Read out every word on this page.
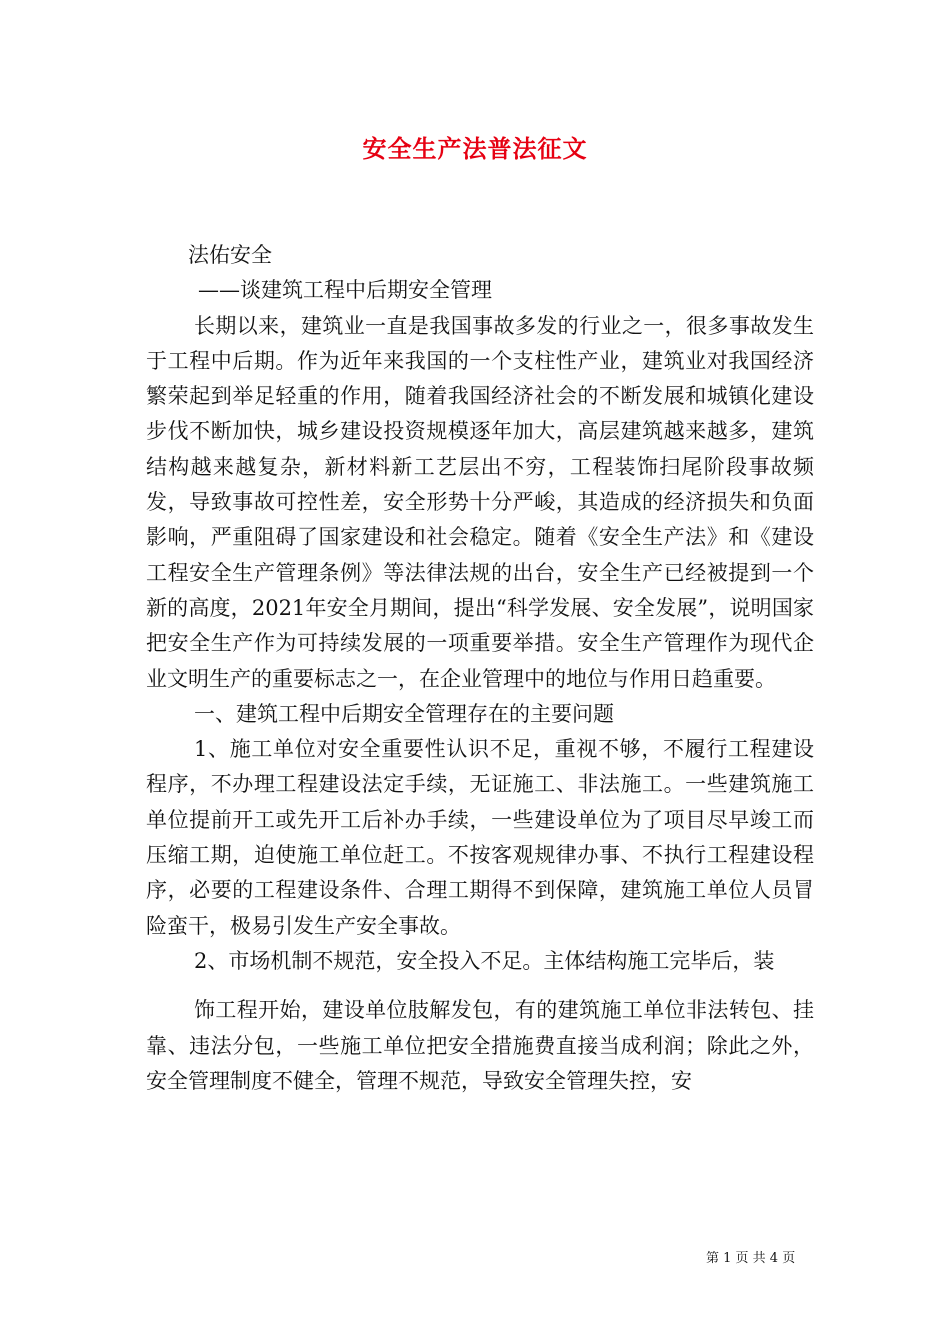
安全生产法普法征文

法佑安全

——谈建筑工程中后期安全管理

长期以来，建筑业一直是我国事故多发的行业之一，很多事故发生于工程中后期。作为近年来我国的一个支柱性产业，建筑业对我国经济繁荣起到举足轻重的作用，随着我国经济社会的不断发展和城镇化建设步伐不断加快，城乡建设投资规模逐年加大，高层建筑越来越多，建筑结构越来越复杂，新材料新工艺层出不穷，工程装饰扫尾阶段事故频发，导致事故可控性差，安全形势十分严峻，其造成的经济损失和负面影响，严重阻碍了国家建设和社会稳定。随着《安全生产法》和《建设工程安全生产管理条例》等法律法规的出台，安全生产已经被提到一个新的高度，2021年安全月期间，提出“科学发展、安全发展”，说明国家把安全生产作为可持续发展的一项重要举措。安全生产管理作为现代企业文明生产的重要标志之一，在企业管理中的地位与作用日趋重要。

一、建筑工程中后期安全管理存在的主要问题

1、施工单位对安全重要性认识不足，重视不够，不履行工程建设程序，不办理工程建设法定手续，无证施工、非法施工。一些建筑施工单位提前开工或先开工后补办手续，一些建设单位为了项目尽早竣工而压缩工期，迫使施工单位赶工。不按客观规律办事、不执行工程建设程序，必要的工程建设条件、合理工期得不到保障，建筑施工单位人员冒险蛮干，极易引发生产安全事故。

2、市场机制不规范，安全投入不足。主体结构施工完毕后，装

饰工程开始，建设单位肢解发包，有的建筑施工单位非法转包、挂靠、违法分包，一些施工单位把安全措施费直接当成利润；除此之外，安全管理制度不健全，管理不规范，导致安全管理失控，安

第 1 页 共 4 页
